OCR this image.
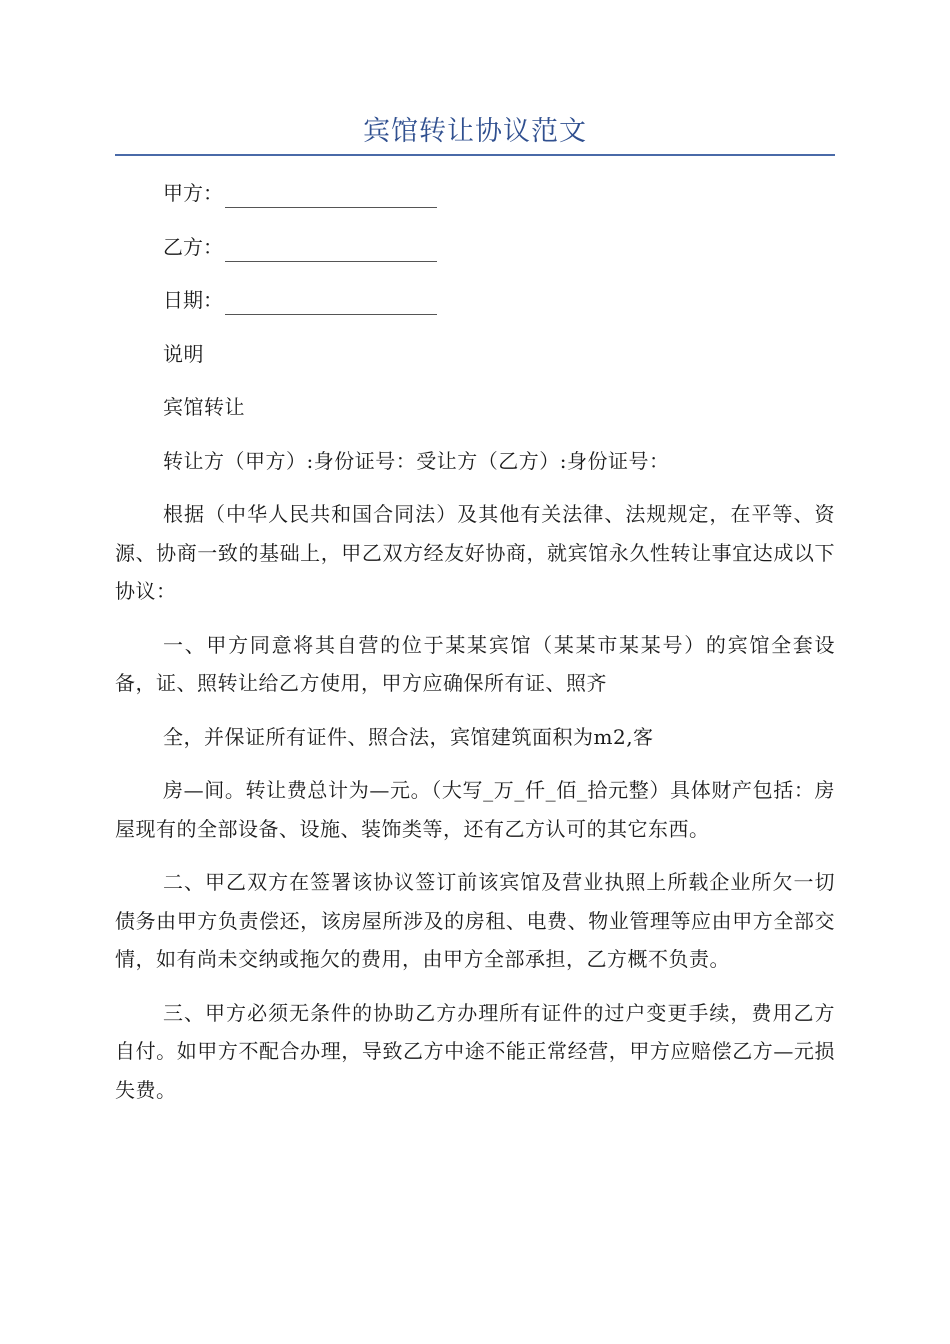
宾馆转让协议范文
甲方：
乙方：
日期：

说明

宾馆转让

转让方（甲方）:身份证号：受让方（乙方）:身份证号：

根据（中华人民共和国合同法）及其他有关法律、法规规定，在平等、资源、协商一致的基础上，甲乙双方经友好协商，就宾馆永久性转让事宜达成以下协议：

一、甲方同意将其自营的位于某某宾馆（某某市某某号）的宾馆全套设备，证、照转让给乙方使用，甲方应确保所有证、照齐

全，并保证所有证件、照合法，宾馆建筑面积为m2,客

房—间。转让费总计为—元。（大写_万_仟_佰_拾元整）具体财产包括：房屋现有的全部设备、设施、装饰类等，还有乙方认可的其它东西。

二、甲乙双方在签署该协议签订前该宾馆及营业执照上所载企业所欠一切债务由甲方负责偿还，该房屋所涉及的房租、电费、物业管理等应由甲方全部交情，如有尚未交纳或拖欠的费用，由甲方全部承担，乙方概不负责。

三、甲方必须无条件的协助乙方办理所有证件的过户变更手续，费用乙方自付。如甲方不配合办理，导致乙方中途不能正常经营，甲方应赔偿乙方—元损失费。
